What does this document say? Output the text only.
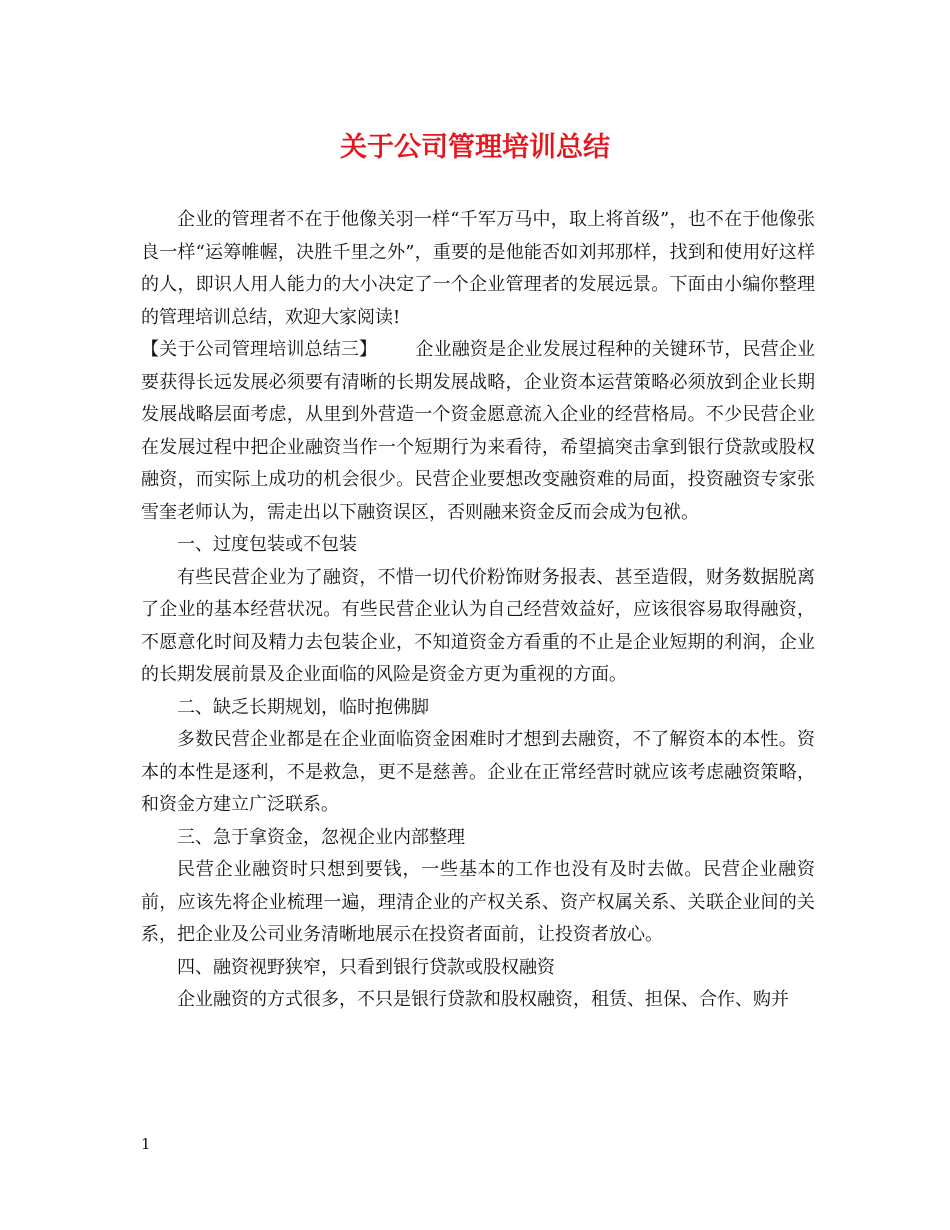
关于公司管理培训总结

企业的管理者不在于他像关羽一样“千军万马中，取上将首级”，也不在于他像张良一样“运筹帷幄，决胜千里之外”，重要的是他能否如刘邦那样，找到和使用好这样的人，即识人用人能力的大小决定了一个企业管理者的发展远景。下面由小编你整理的管理培训总结，欢迎大家阅读!

【关于公司管理培训总结三】 企业融资是企业发展过程种的关键环节，民营企业要获得长远发展必须要有清晰的长期发展战略，企业资本运营策略必须放到企业长期发展战略层面考虑，从里到外营造一个资金愿意流入企业的经营格局。不少民营企业在发展过程中把企业融资当作一个短期行为来看待，希望搞突击拿到银行贷款或股权融资，而实际上成功的机会很少。民营企业要想改变融资难的局面，投资融资专家张雪奎老师认为，需走出以下融资误区，否则融来资金反而会成为包袱。

一、过度包装或不包装

有些民营企业为了融资，不惜一切代价粉饰财务报表、甚至造假，财务数据脱离了企业的基本经营状况。有些民营企业认为自己经营效益好，应该很容易取得融资，不愿意化时间及精力去包装企业，不知道资金方看重的不止是企业短期的利润，企业的长期发展前景及企业面临的风险是资金方更为重视的方面。

二、缺乏长期规划，临时抱佛脚

多数民营企业都是在企业面临资金困难时才想到去融资，不了解资本的本性。资本的本性是逐利，不是救急，更不是慈善。企业在正常经营时就应该考虑融资策略，和资金方建立广泛联系。

三、急于拿资金，忽视企业内部整理

民营企业融资时只想到要钱，一些基本的工作也没有及时去做。民营企业融资前，应该先将企业梳理一遍，理清企业的产权关系、资产权属关系、关联企业间的关系，把企业及公司业务清晰地展示在投资者面前，让投资者放心。

四、融资视野狭窄，只看到银行贷款或股权融资

企业融资的方式很多，不只是银行贷款和股权融资，租赁、担保、合作、购并

1
